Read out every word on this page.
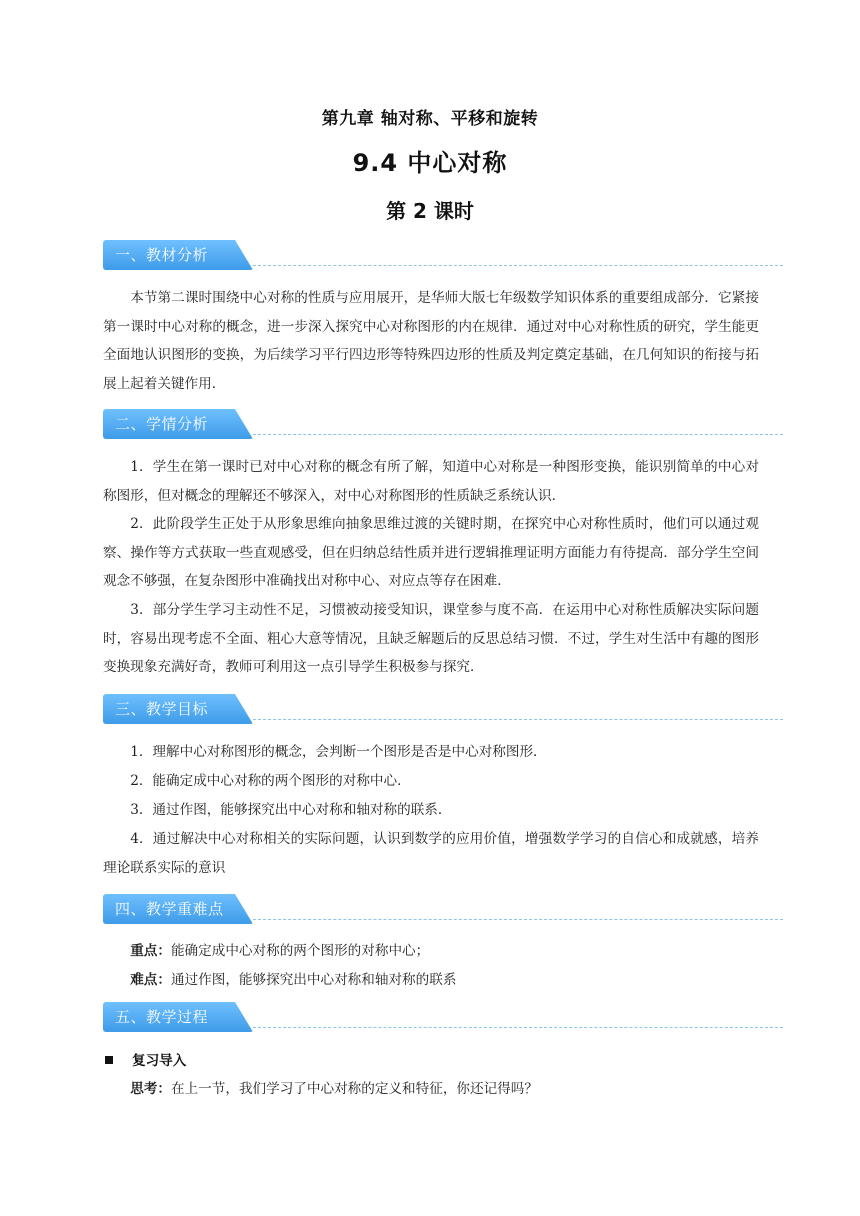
第九章 轴对称、平移和旋转
9.4 中心对称
第 2 课时
一、教材分析
本节第二课时围绕中心对称的性质与应用展开，是华师大版七年级数学知识体系的重要组成部分．它紧接第一课时中心对称的概念，进一步深入探究中心对称图形的内在规律．通过对中心对称性质的研究，学生能更全面地认识图形的变换，为后续学习平行四边形等特殊四边形的性质及判定奠定基础，在几何知识的衔接与拓展上起着关键作用．
二、学情分析
1．学生在第一课时已对中心对称的概念有所了解，知道中心对称是一种图形变换，能识别简单的中心对称图形，但对概念的理解还不够深入，对中心对称图形的性质缺乏系统认识．
2．此阶段学生正处于从形象思维向抽象思维过渡的关键时期，在探究中心对称性质时，他们可以通过观察、操作等方式获取一些直观感受，但在归纳总结性质并进行逻辑推理证明方面能力有待提高．部分学生空间观念不够强，在复杂图形中准确找出对称中心、对应点等存在困难．
3．部分学生学习主动性不足，习惯被动接受知识，课堂参与度不高．在运用中心对称性质解决实际问题时，容易出现考虑不全面、粗心大意等情况，且缺乏解题后的反思总结习惯．不过，学生对生活中有趣的图形变换现象充满好奇，教师可利用这一点引导学生积极参与探究．
三、教学目标
1．理解中心对称图形的概念，会判断一个图形是否是中心对称图形．
2．能确定成中心对称的两个图形的对称中心．
3．通过作图，能够探究出中心对称和轴对称的联系．
4．通过解决中心对称相关的实际问题，认识到数学的应用价值，增强数学学习的自信心和成就感，培养理论联系实际的意识
四、教学重难点
重点：能确定成中心对称的两个图形的对称中心；
难点：通过作图，能够探究出中心对称和轴对称的联系
五、教学过程
复习导入
思考：在上一节，我们学习了中心对称的定义和特征，你还记得吗？
